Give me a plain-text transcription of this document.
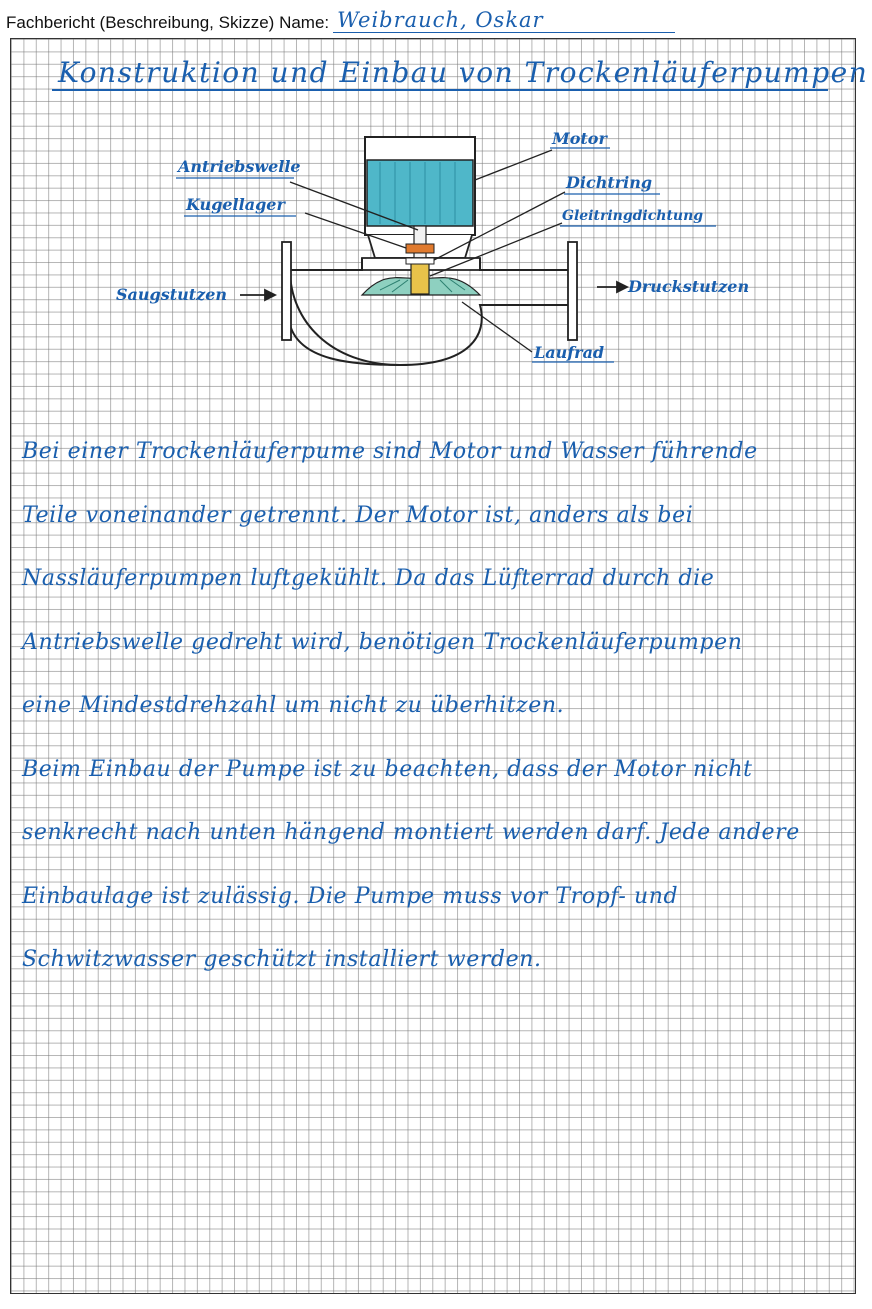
Fachbericht (Beschreibung, Skizze) Name: Weibrauch, Oskar
Konstruktion und Einbau von Trockenläuferpumpen
Motor
Antriebswelle
Kugellager
Dichtring
Gleitringdichtung
Saugstutzen	Druckstutzen
Laufrad

Bei einer Trockenläuferpume sind Motor und Wasser führende

Teile voneinander getrennt. Der Motor ist, anders als bei

Nassläuferpumpen luftgekühlt. Da das Lüfterrad durch die

Antriebswelle gedreht wird, benötigen Trockenläuferpumpen

eine Mindestdrehzahl um nicht zu überhitzen.

Beim Einbau der Pumpe ist zu beachten, dass der Motor nicht

senkrecht nach unten hängend montiert werden darf. Jede andere

Einbaulage ist zulässig. Die Pumpe muss vor Tropf- und

Schwitzwasser geschützt installiert werden.
